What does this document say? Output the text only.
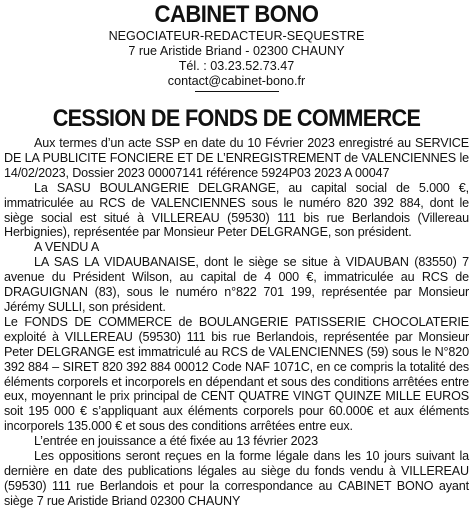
CABINET BONO
NEGOCIATEUR-REDACTEUR-SEQUESTRE
7 rue Aristide Briand - 02300 CHAUNY
Tél. : 03.23.52.73.47
contact@cabinet-bono.fr
CESSION DE FONDS DE COMMERCE

Aux termes d’un acte SSP en date du 10 Février 2023 enregistré au SERVICE DE LA PUBLICITE FONCIERE ET DE L’ENREGISTREMENT de VALENCIENNES le 14/02/2023, Dossier 2023 00007141 référence 5924P03 2023 A 00047

La SASU BOULANGERIE DELGRANGE, au capital social de 5.000 €, immatriculée au RCS de VALENCIENNES sous le numéro 820 392 884, dont le siège social est situé à VILLEREAU (59530) 111 bis rue Berlandois (Villereau Herbignies), représentée par Monsieur Peter DELGRANGE, son président.

A VENDU A

LA SAS LA VIDAUBANAISE, dont le siège se situe à VIDAUBAN (83550) 7 avenue du Président Wilson, au capital de 4 000 €, immatriculée au RCS de DRAGUIGNAN (83), sous le numéro n°822 701 199, représentée par Monsieur Jérémy SULLI, son président.

Le FONDS DE COMMERCE de BOULANGERIE PATISSERIE CHOCOLATERIE exploité à VILLEREAU (59530) 111 bis rue Berlandois, représentée par Monsieur Peter DELGRANGE est immatriculé au RCS de VALENCIENNES (59) sous le N°820 392 884 – SIRET 820 392 884 00012 Code NAF 1071C, en ce compris la totalité des éléments corporels et incorporels en dépendant et sous des conditions arrêtées entre eux, moyennant le prix principal de CENT QUATRE VINGT QUINZE MILLE EUROS soit 195 000 € s’appliquant aux éléments corporels pour 60.000€ et aux éléments incorporels 135.000 € et sous des conditions arrêtées entre eux.

L’entrée en jouissance a été fixée au 13 février 2023

Les oppositions seront reçues en la forme légale dans les 10 jours suivant la dernière en date des publications légales au siège du fonds vendu à VILLEREAU (59530) 111 rue Berlandois et pour la correspondance au CABINET BONO ayant siège 7 rue Aristide Briand 02300 CHAUNY
